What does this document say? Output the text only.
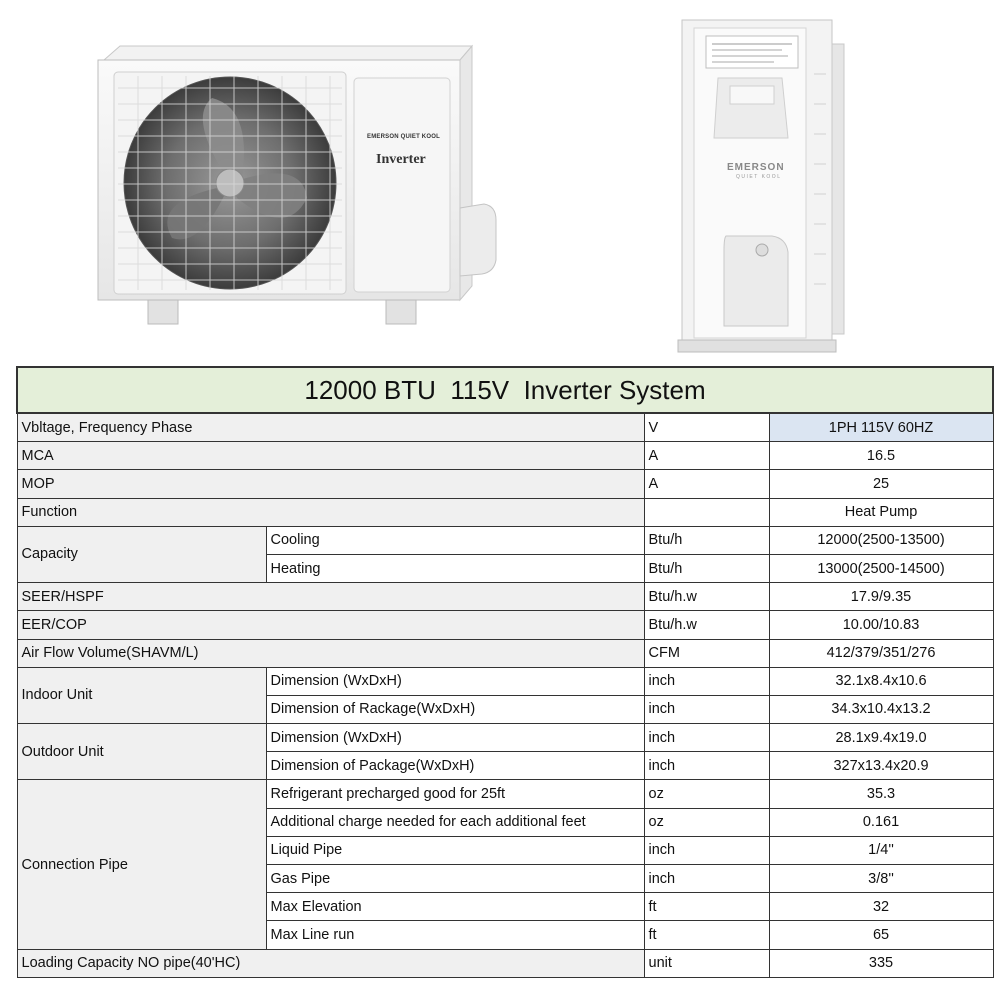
EMERSON QUIET KOOL
Inverter
EMERSON
QUIET KOOL
12000 BTU  115V  Inverter System			
Vbltage, Frequency Phase		V	1PH 115V 60HZ
MCA		A	16.5
MOP		A	25
Function			Heat Pump
Capacity	Cooling	Btu/h	12000(2500-13500)
	Heating	Btu/h	13000(2500-14500)
SEER/HSPF		Btu/h.w	17.9/9.35
EER/COP		Btu/h.w	10.00/10.83
Air Flow Volume(SHAVM/L)		CFM	412/379/351/276
Indoor Unit	Dimension (WxDxH)	inch	32.1x8.4x10.6
	Dimension of Rackage(WxDxH)	inch	34.3x10.4x13.2
Outdoor Unit	Dimension (WxDxH)	inch	28.1x9.4x19.0
	Dimension of Package(WxDxH)	inch	327x13.4x20.9
Connection Pipe	Refrigerant precharged good for 25ft	oz	35.3
	Additional charge needed for each additional feet	oz	0.161
	Liquid Pipe	inch	1/4''
	Gas Pipe	inch	3/8''
	Max Elevation	ft	32
	Max Line run	ft	65
Loading Capacity NO pipe(40'HC)		unit	335
